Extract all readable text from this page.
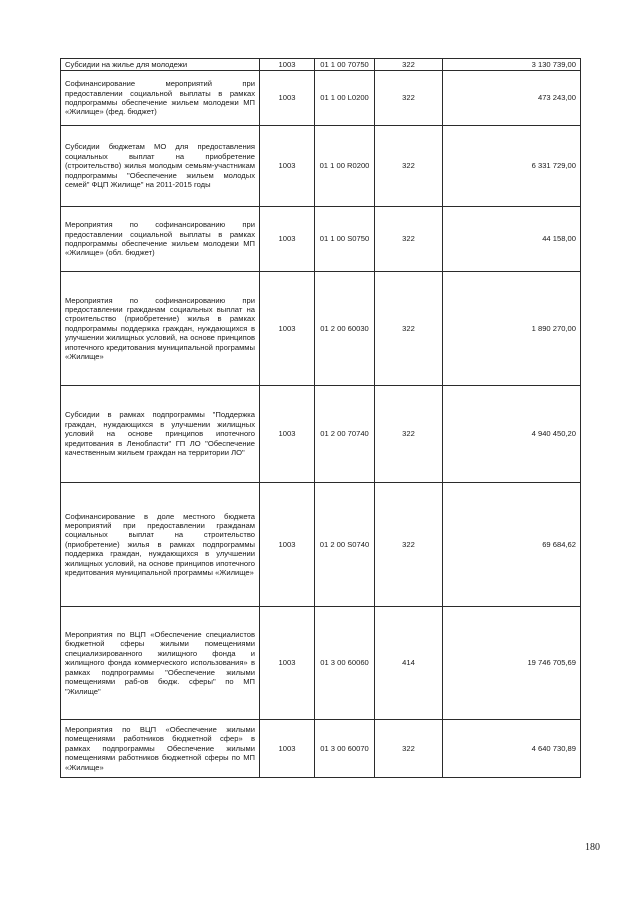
Субсидии на жилье для молодежи	1003	01 1 00 70750	322	3 130 739,00
Софинансирование мероприятий при предоставлении социальной выплаты в рамках подпрограммы обеспечение жильем молодежи МП «Жилище» (фед. бюджет)	1003	01 1 00 L0200	322	473 243,00
Субсидии бюджетам МО для предоставления социальных выплат на приобретение (строительство) жилья молодым семьям-участникам подпрограммы "Обеспечение жильем молодых семей" ФЦП Жилище" на 2011-2015 годы	1003	01 1 00 R0200	322	6 331 729,00
Мероприятия по софинансированию при предоставлении социальной выплаты в рамках подпрограммы обеспечение жильем молодежи МП «Жилище» (обл. бюджет)	1003	01 1 00 S0750	322	44 158,00
Мероприятия по софинансированию при предоставлении гражданам социальных выплат на строительство (приобретение) жилья в рамках подпрограммы поддержка граждан, нуждающихся в улучшении жилищных условий, на основе принципов ипотечного кредитования муниципальной программы «Жилище»	1003	01 2 00 60030	322	1 890 270,00
Субсидии в рамках подпрограммы "Поддержка граждан, нуждающихся в улучшении жилищных условий на основе принципов ипотечного кредитования в Ленобласти" ГП ЛО "Обеспечение качественным жильем граждан на территории ЛО"	1003	01 2 00 70740	322	4 940 450,20
Софинансирование в доле местного бюджета мероприятий при предоставлении гражданам социальных выплат на строительство (приобретение) жилья в рамках подпрограммы поддержка граждан, нуждающихся в улучшении жилищных условий, на основе принципов ипотечного кредитования муниципальной программы «Жилище»	1003	01 2 00 S0740	322	69 684,62
Мероприятия по ВЦП «Обеспечение специалистов бюджетной сферы жилыми помещениями специализированного жилищного фонда и жилищного фонда коммерческого использования» в рамках подпрограммы "Обеспечение жилыми помещениями раб-ов бюдж. сферы" по МП "Жилище"	1003	01 3 00 60060	414	19 746 705,69
Мероприятия по ВЦП «Обеспечение жилыми помещениями работников бюджетной сфер» в рамках подпрограммы Обеспечение жилыми помещениями работников бюджетной сферы по МП «Жилище»	1003	01 3 00 60070	322	4 640 730,89
180
